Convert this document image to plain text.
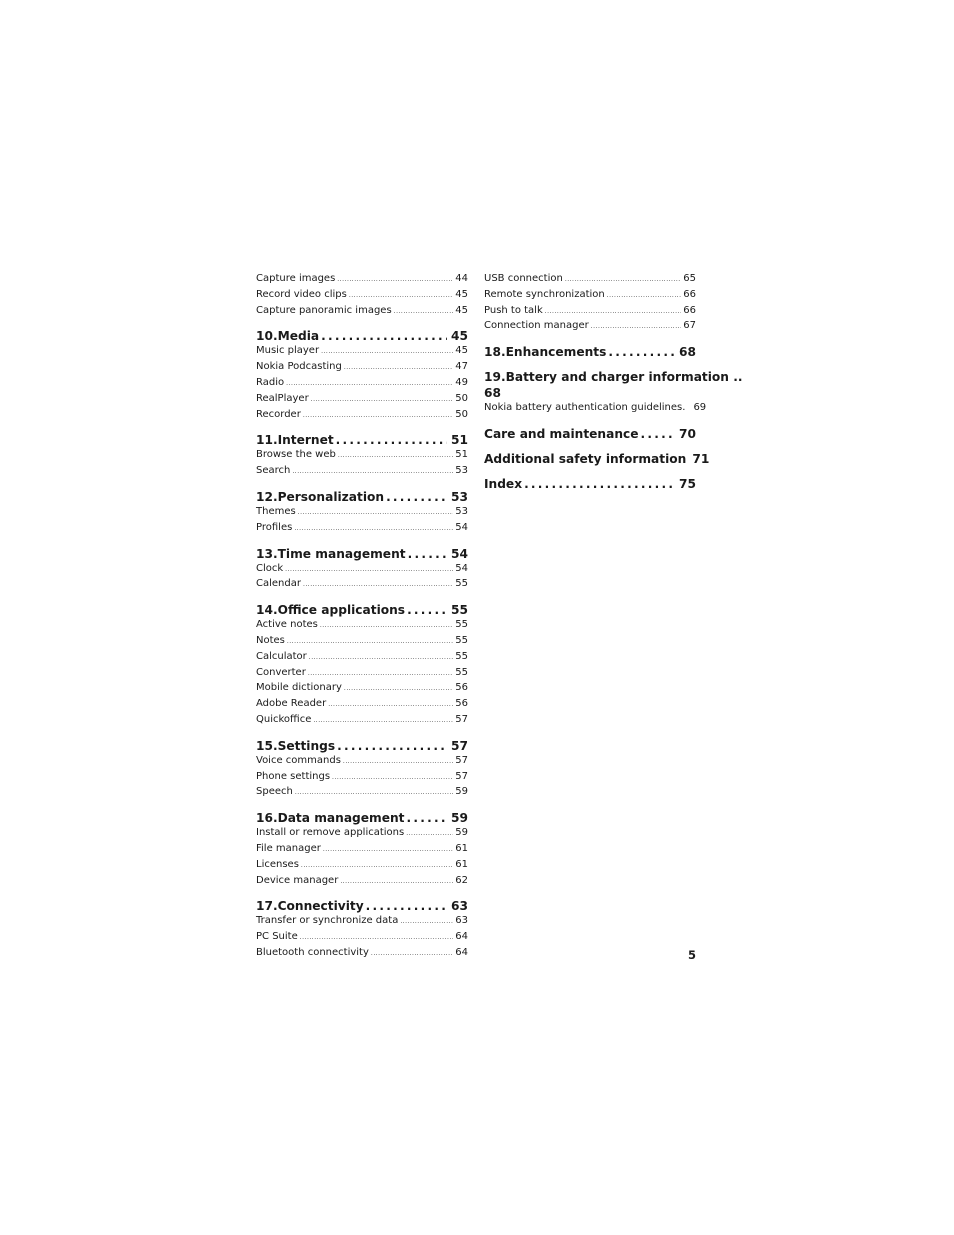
Capture images . . .	44
Record video clips . . .	45
Capture panoramic images . . .	45
10.Media . . .	45
Music player . . .	45
Nokia Podcasting . . .	47
Radio . . .	49
RealPlayer . . .	50
Recorder . . .	50
11.Internet . . .	51
Browse the web . . .	51
Search . . .	53
12.Personalization . . .	53
Themes . . .	53
Profiles . . .	54
13.Time management . . .	54
Clock . . .	54
Calendar . . .	55
14.Office applications . . .	55
Active notes . . .	55
Notes . . .	55
Calculator . . .	55
Converter . . .	55
Mobile dictionary . . .	56
Adobe Reader . . .	56
Quickoffice . . .	57
15.Settings . . .	57
Voice commands . . .	57
Phone settings . . .	57
Speech . . .	59
16.Data management . . .	59
Install or remove applications . . .	59
File manager . . .	61
Licenses . . .	61
Device manager . . .	62
17.Connectivity . . .	63
Transfer or synchronize data . . .	63
PC Suite . . .	64
Bluetooth connectivity . . .	64
USB connection . . .	65
Remote synchronization . . .	66
Push to talk . . .	66
Connection manager . . .	67
18.Enhancements . . .	68
19.Battery and charger information ..
68
Nokia battery authentication guidelines. 69
Care and maintenance . . .	70
Additional safety information 71
Index . . .	75
5
